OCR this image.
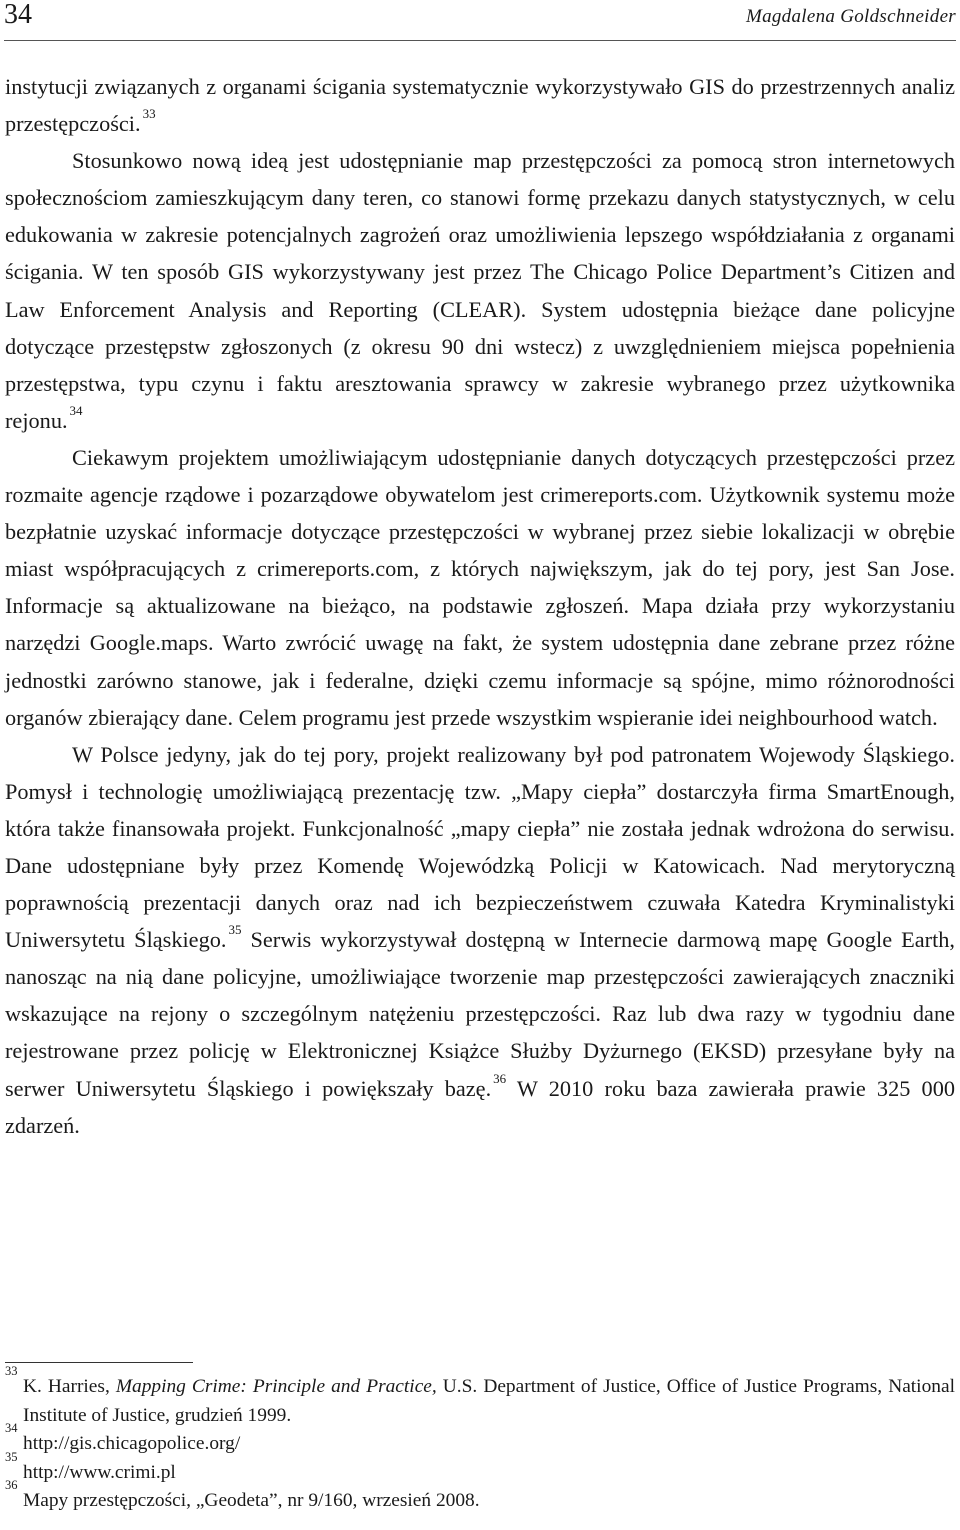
34	Magdalena Goldschneider

instytucji związanych z organami ścigania systematycznie wykorzystywało GIS do przestrzennych analiz przestępczości. $^{33}$

Stosunkowo nową ideą jest udostępnianie map przestępczości za pomocą stron internetowych społecznościom zamieszkującym dany teren, co stanowi formę przekazu danych statystycznych, w celu edukowania w zakresie potencjalnych zagrożeń oraz umożliwienia lepszego współdziałania z organami ścigania. W ten sposób GIS wykorzystywany jest przez The Chicago Police Department’s Citizen and Law Enforcement Analysis and Reporting (CLEAR). System udostępnia bieżące dane policyjne dotyczące przestępstw zgłoszonych (z okresu 90 dni wstecz) z uwzględnieniem miejsca popełnienia przestępstwa, typu czynu i faktu aresztowania sprawcy w zakresie wybranego przez użytkownika rejonu. $^{34}$

Ciekawym projektem umożliwiającym udostępnianie danych dotyczących przestępczości przez rozmaite agencje rządowe i pozarządowe obywatelom jest crimereports.com. Użytkownik systemu może bezpłatnie uzyskać informacje dotyczące przestępczości w wybranej przez siebie lokalizacji w obrębie miast współpracujących z crimereports.com, z których największym, jak do tej pory, jest San Jose. Informacje są aktualizowane na bieżąco, na podstawie zgłoszeń. Mapa działa przy wykorzystaniu narzędzi Google.maps. Warto zwrócić uwagę na fakt, że system udostępnia dane zebrane przez różne jednostki zarówno stanowe, jak i federalne, dzięki czemu informacje są spójne, mimo różnorodności organów zbierający dane. Celem programu jest przede wszystkim wspieranie idei neighbourhood watch.

W Polsce jedyny, jak do tej pory, projekt realizowany był pod patronatem Wojewody Śląskiego. Pomysł i technologię umożliwiającą prezentację tzw. „Mapy ciepła” dostarczyła firma SmartEnough, która także finansowała projekt. Funkcjonalność „mapy ciepła” nie została jednak wdrożona do serwisu. Dane udostępniane były przez Komendę Wojewódzką Policji w Katowicach. Nad merytoryczną poprawnością prezentacji danych oraz nad ich bezpieczeństwem czuwała Katedra Kryminalistyki Uniwersytetu Śląskiego. $^{35}$ Serwis wykorzystywał dostępną w Internecie darmową mapę Google Earth, nanosząc na nią dane policyjne, umożliwiające tworzenie map przestępczości zawierających znaczniki wskazujące na rejony o szczególnym natężeniu przestępczości. Raz lub dwa razy w tygodniu dane rejestrowane przez policję w Elektronicznej Książce Służby Dyżurnego (EKSD) przesyłane były na serwer Uniwersytetu Śląskiego i powiększały bazę. $^{36}$ W 2010 roku baza zawierała prawie 325 000 zdarzeń.

33
K. Harries, Mapping Crime: Principle and Practice, U.S. Department of Justice, Office of Justice Programs, National Institute of Justice, grudzień 1999.
34
http://gis.chicagopolice.org/
35
http://www.crimi.pl
36
Mapy przestępczości, „Geodeta”, nr 9/160, wrzesień 2008.
